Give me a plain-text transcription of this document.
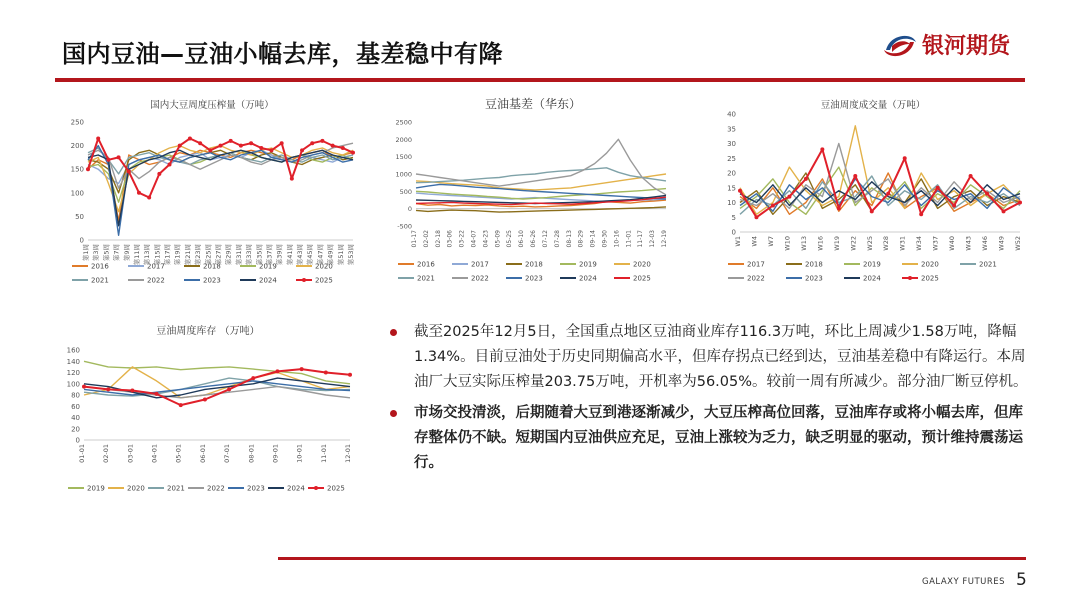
国内豆油—豆油小幅去库，基差稳中有降	银河期货
国内大豆周度压榨量（万吨）
0
50
100
150
200
250
第1周 第3周 第5周 第7周 第9周 第11周 第13周 第15周 第17周 第19周 第21周 第23周 第25周 第27周 第29周 第31周 第33周 第35周 第37周 第39周 第41周 第43周 第45周 第47周 第49周 第51周 第53周
2016	2017	2018	2019	2020
2021	2022	2023	2024	2025
豆油基差（华东）
-500
0
500
1000
1500
2000
2500
01-17 02-02 02-18 03-06 03-22 04-07 04-23 05-09 05-25 06-10 06-26 07-12 07-28 08-13 08-29 09-14 09-30 10-16 11-01 11-17 12-03 12-19
2016	2017	2018	2019	2020
2021	2022	2023	2024	2025
豆油周度成交量（万吨）
0
5
10
15
20
25
30
35
40
W1 W4 W7 W10 W13 W16 W19 W22 W25 W28 W31 W34 W37 W40 W43 W46 W49 W52
2017	2018	2019	2020	2021
2022	2023	2024	2025
豆油周度库存 （万吨）
0
20
40
60
80
100
120
140
160
01-01 02-01 03-01 04-01 05-01 06-01 07-01 08-01 09-01 10-01 11-01 12-01
2019	2020	2021	2022	2023	2024	2025
截至2025年12月5日，全国重点地区豆油商业库存116.3万吨，环比上周减少1.58万吨，降幅1.34%。目前豆油处于历史同期偏高水平，但库存拐点已经到达，豆油基差稳中有降运行。本周油厂大豆实际压榨量203.75万吨，开机率为56.05%。较前一周有所减少。部分油厂断豆停机。
市场交投清淡，后期随着大豆到港逐渐减少，大豆压榨高位回落，豆油库存或将小幅去库，但库存整体仍不缺。短期国内豆油供应充足，豆油上涨较为乏力，缺乏明显的驱动，预计维持震荡运行。
GALAXY FUTURES 5
